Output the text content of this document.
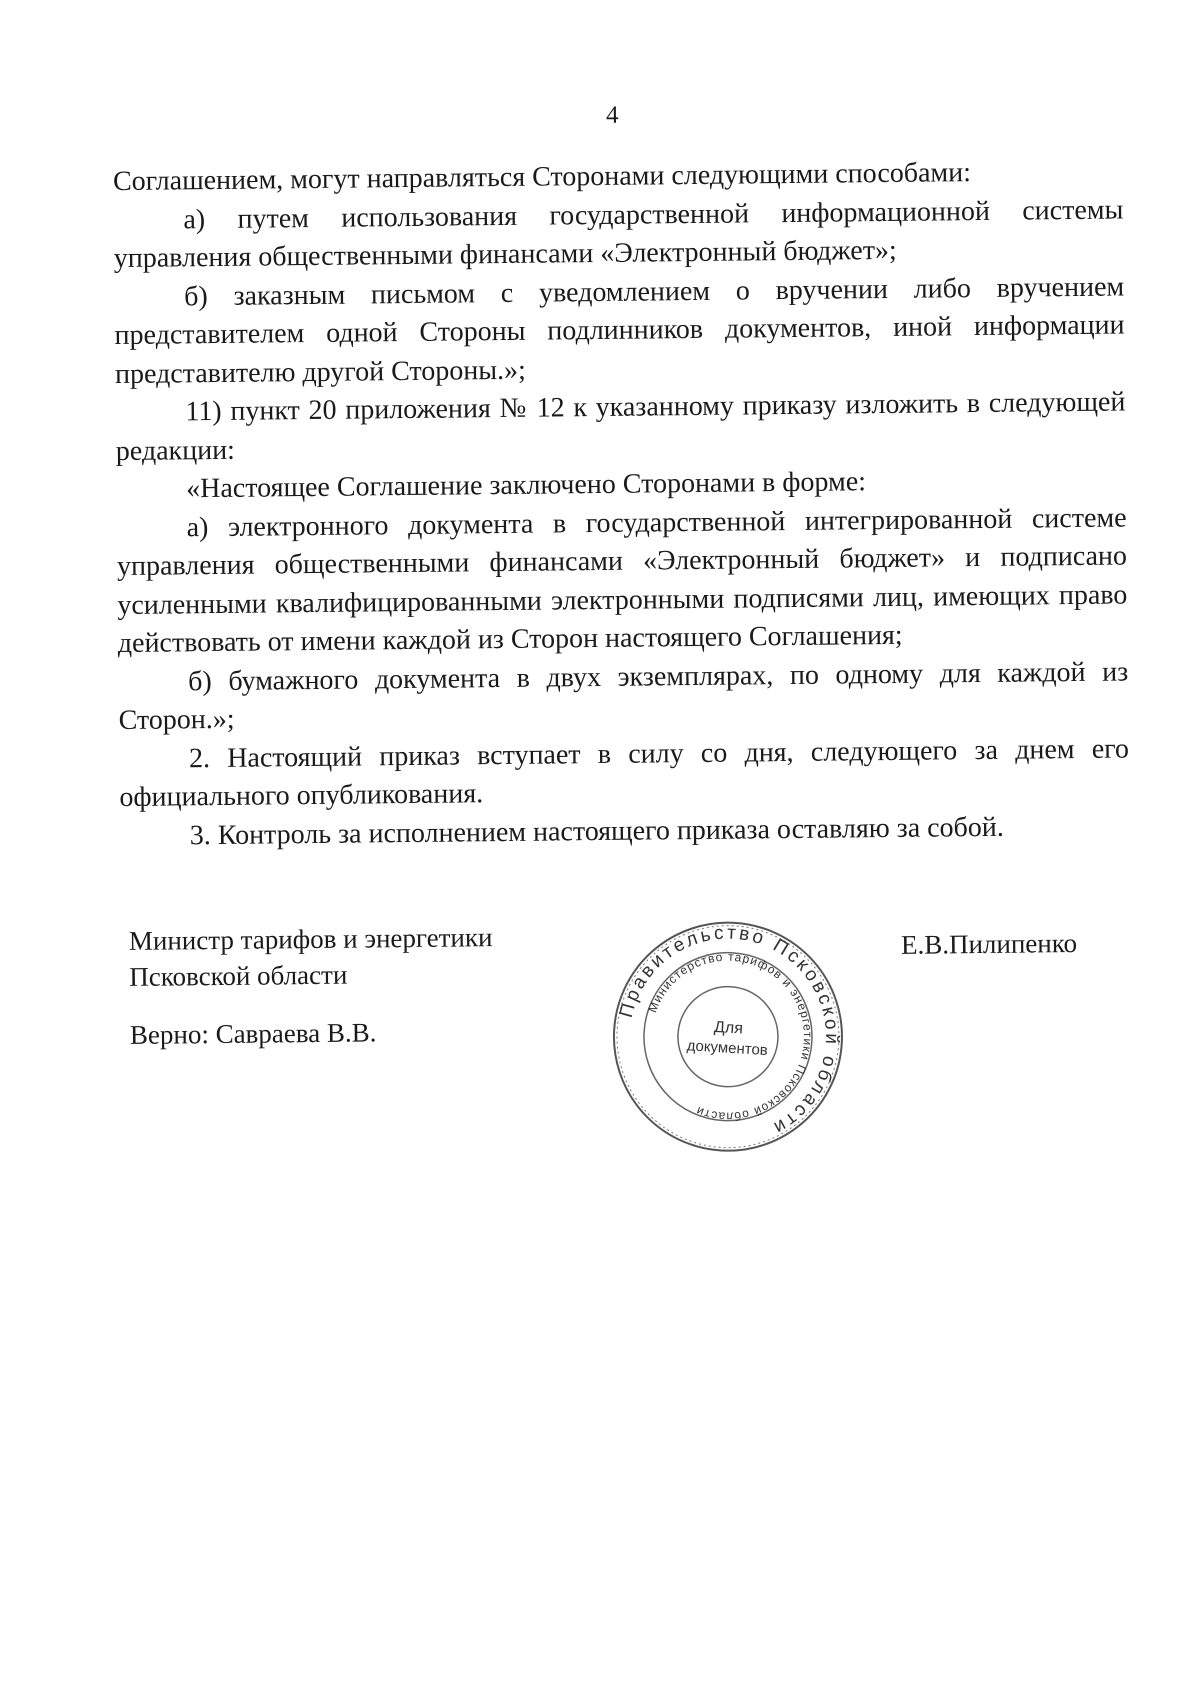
4

Соглашением, могут направляться Сторонами следующими способами:

а) путем использования государственной информационной системы управления общественными финансами «Электронный бюджет»;

б) заказным письмом с уведомлением о вручении либо вручением представителем одной Стороны подлинников документов, иной информации представителю другой Стороны.»;

11) пункт 20 приложения № 12 к указанному приказу изложить в следующей редакции:

«Настоящее Соглашение заключено Сторонами в форме:

а) электронного документа в государственной интегрированной системе управления общественными финансами «Электронный бюджет» и подписано усиленными квалифицированными электронными подписями лиц, имеющих право действовать от имени каждой из Сторон настоящего Соглашения;

б) бумажного документа в двух экземплярах, по одному для каждой из Сторон.»;

2. Настоящий приказ вступает в силу со дня, следующего за днем его официального опубликования.

3. Контроль за исполнением настоящего приказа оставляю за собой.

Министр тарифов и энергетики
Псковской области
Верно: Савраева В.В.
Е.В.Пилипенко
Правительство Псковской области
Министерство тарифов и энергетики Псковской области
Для
документов
